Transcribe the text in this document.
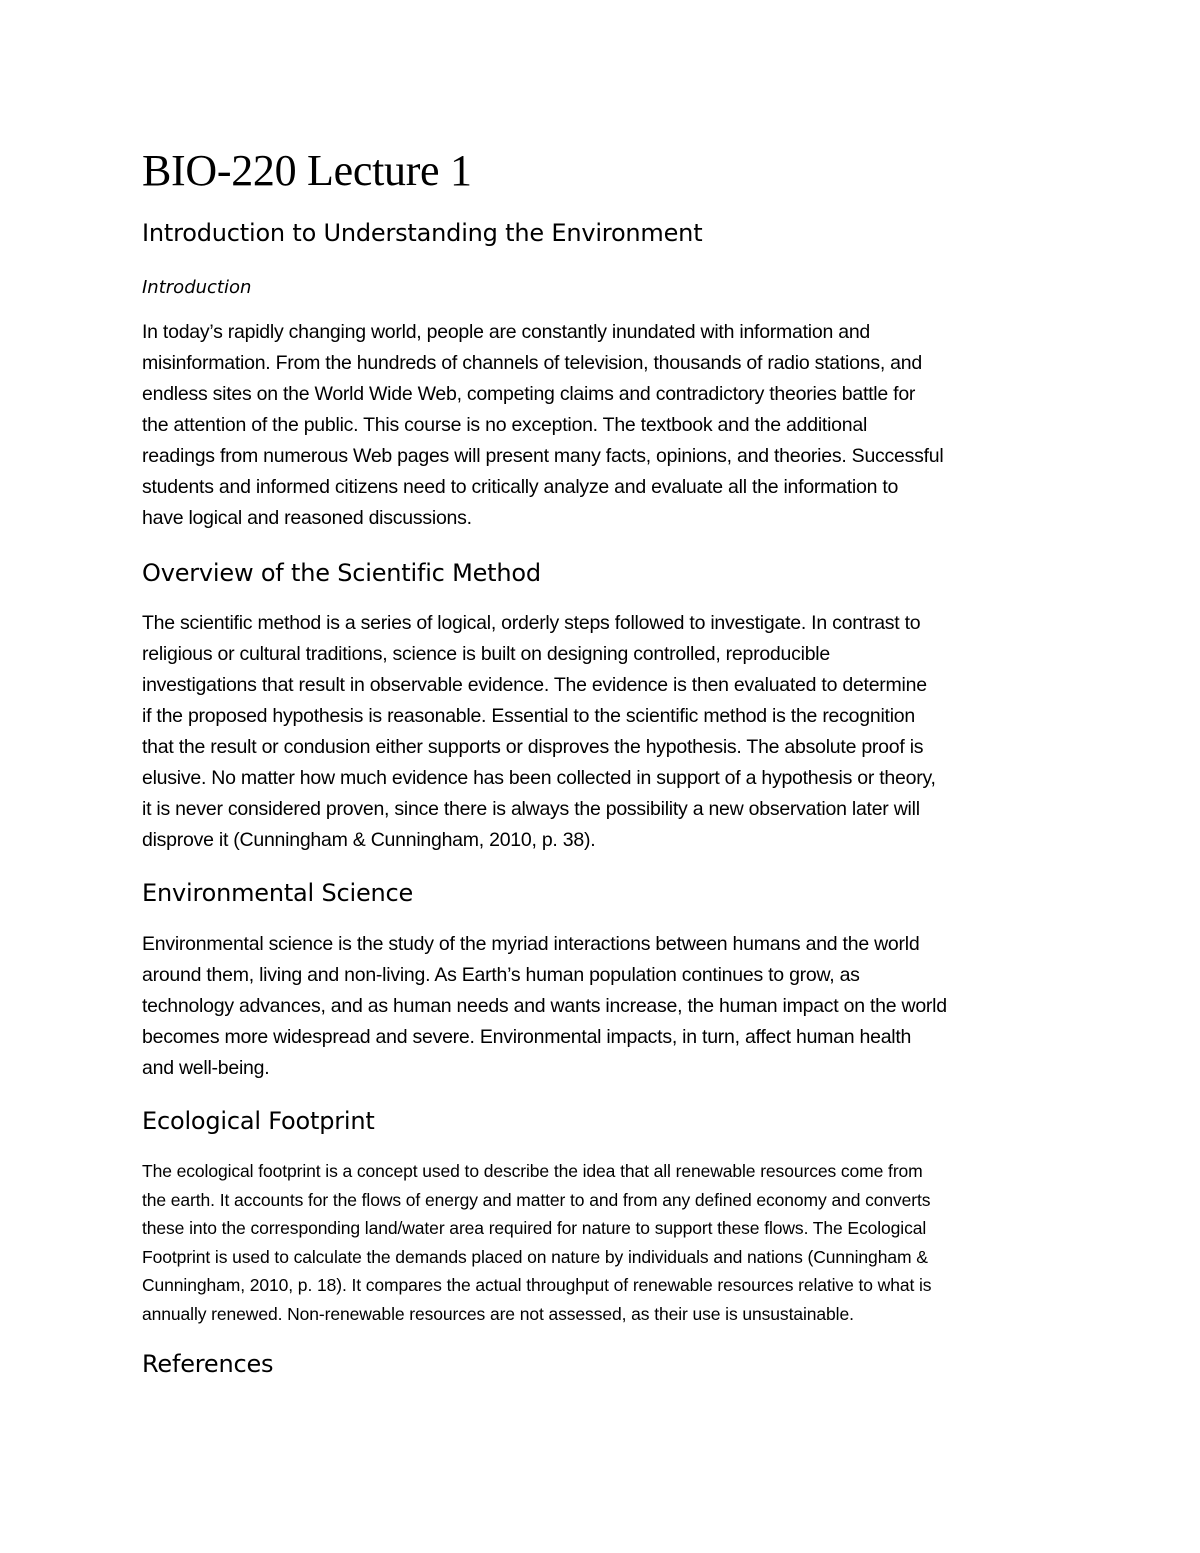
BIO-220 Lecture 1
Introduction to Understanding the Environment

Introduction

In today’s rapidly changing world, people are constantly inundated with information and
misinformation. From the hundreds of channels of television, thousands of radio stations, and
endless sites on the World Wide Web, competing claims and contradictory theories battle for
the attention of the public. This course is no exception. The textbook and the additional
readings from numerous Web pages will present many facts, opinions, and theories. Successful
students and informed citizens need to critically analyze and evaluate all the information to
have logical and reasoned discussions.
Overview of the Scientific Method
The scientific method is a series of logical, orderly steps followed to investigate. In contrast to
religious or cultural traditions, science is built on designing controlled, reproducible
investigations that result in observable evidence. The evidence is then evaluated to determine
if the proposed hypothesis is reasonable. Essential to the scientific method is the recognition
that the result or condusion either supports or disproves the hypothesis. The absolute proof is
elusive. No matter how much evidence has been collected in support of a hypothesis or theory,
it is never considered proven, since there is always the possibility a new observation later will
disprove it (Cunningham & Cunningham, 2010, p. 38).
Environmental Science
Environmental science is the study of the myriad interactions between humans and the world
around them, living and non-living. As Earth’s human population continues to grow, as
technology advances, and as human needs and wants increase, the human impact on the world
becomes more widespread and severe. Environmental impacts, in turn, affect human health
and well-being.
Ecological Footprint
The ecological footprint is a concept used to describe the idea that all renewable resources come from
the earth. It accounts for the flows of energy and matter to and from any defined economy and converts
these into the corresponding land/water area required for nature to support these flows. The Ecological
Footprint is used to calculate the demands placed on nature by individuals and nations (Cunningham &
Cunningham, 2010, p. 18). It compares the actual throughput of renewable resources relative to what is
annually renewed. Non-renewable resources are not assessed, as their use is unsustainable.
References
